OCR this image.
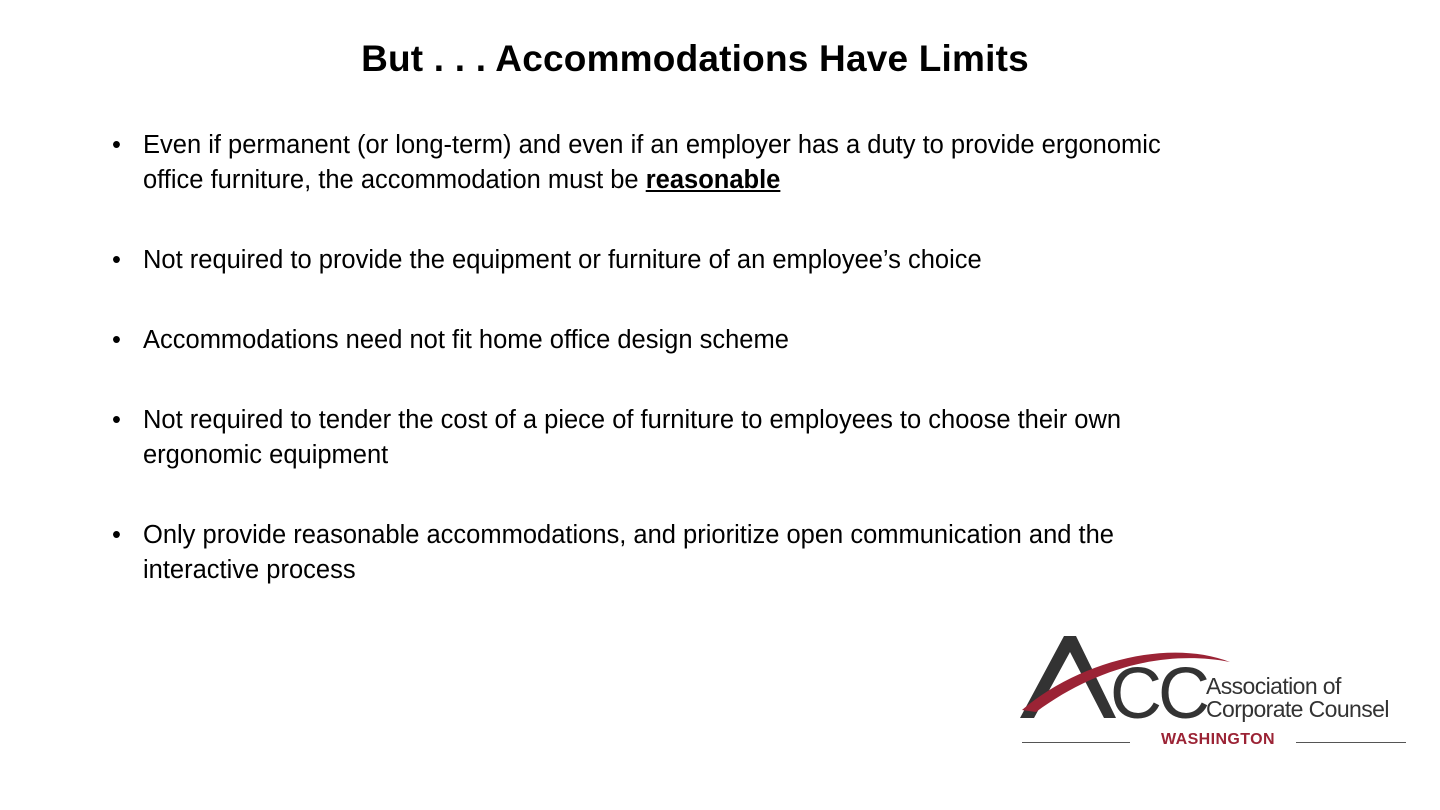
But . . . Accommodations Have Limits
• Even if permanent (or long-term) and even if an employer has a duty to provide ergonomic office furniture, the accommodation must be reasonable
• Not required to provide the equipment or furniture of an employee’s choice
• Accommodations need not fit home office design scheme
• Not required to tender the cost of a piece of furniture to employees to choose their own ergonomic equipment
• Only provide reasonable accommodations, and prioritize open communication and the interactive process
CC Association of
Corporate Counsel
WASHINGTON
